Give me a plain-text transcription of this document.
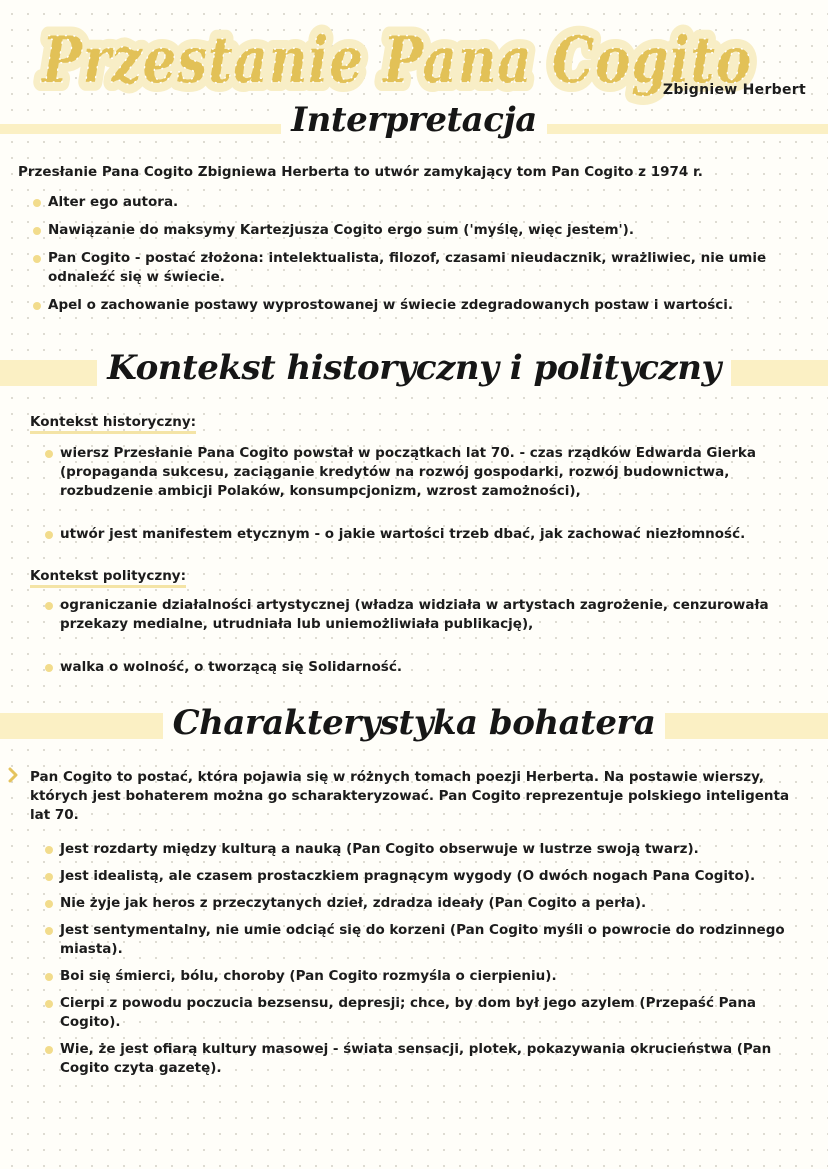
Przestanie Pana Cogito
Przestanie Pana Cogito
Przestanie Pana Cogito
Zbigniew Herbert
Interpretacja

Przesłanie Pana Cogito Zbigniewa Herberta to utwór zamykający tom Pan Cogito z 1974 r.

Alter ego autora.
Nawiązanie do maksymy Kartezjusza Cogito ergo sum ('myślę, więc jestem').
Pan Cogito - postać złożona: intelektualista, filozof, czasami nieudacznik, wrażliwiec, nie umie odnaleźć się w świecie.
Apel o zachowanie postawy wyprostowanej w świecie zdegradowanych postaw i wartości.
Kontekst historyczny i polityczny
Kontekst historyczny:
wiersz Przesłanie Pana Cogito powstał w początkach lat 70. - czas rządków Edwarda Gierka (propaganda sukcesu, zaciąganie kredytów na rozwój gospodarki, rozwój budownictwa, rozbudzenie ambicji Polaków, konsumpcjonizm, wzrost zamożności),
utwór jest manifestem etycznym - o jakie wartości trzeb dbać, jak zachować niezłomność.
Kontekst polityczny:
ograniczanie działalności artystycznej (władza widziała w artystach zagrożenie, cenzurowała przekazy medialne, utrudniała lub uniemożliwiała publikację),
walka o wolność, o tworzącą się Solidarność.
Charakterystyka bohatera

Pan Cogito to postać, która pojawia się w różnych tomach poezji Herberta. Na postawie wierszy, których jest bohaterem można go scharakteryzować. Pan Cogito reprezentuje polskiego inteligenta lat 70.

Jest rozdarty między kulturą a nauką (Pan Cogito obserwuje w lustrze swoją twarz).
Jest idealistą, ale czasem prostaczkiem pragnącym wygody (O dwóch nogach Pana Cogito).
Nie żyje jak heros z przeczytanych dzieł, zdradza ideały (Pan Cogito a perła).
Jest sentymentalny, nie umie odciąć się do korzeni (Pan Cogito myśli o powrocie do rodzinnego miasta).
Boi się śmierci, bólu, choroby (Pan Cogito rozmyśla o cierpieniu).
Cierpi z powodu poczucia bezsensu, depresji; chce, by dom był jego azylem (Przepaść Pana Cogito).
Wie, że jest ofiarą kultury masowej - świata sensacji, plotek, pokazywania okrucieństwa (Pan Cogito czyta gazetę).
